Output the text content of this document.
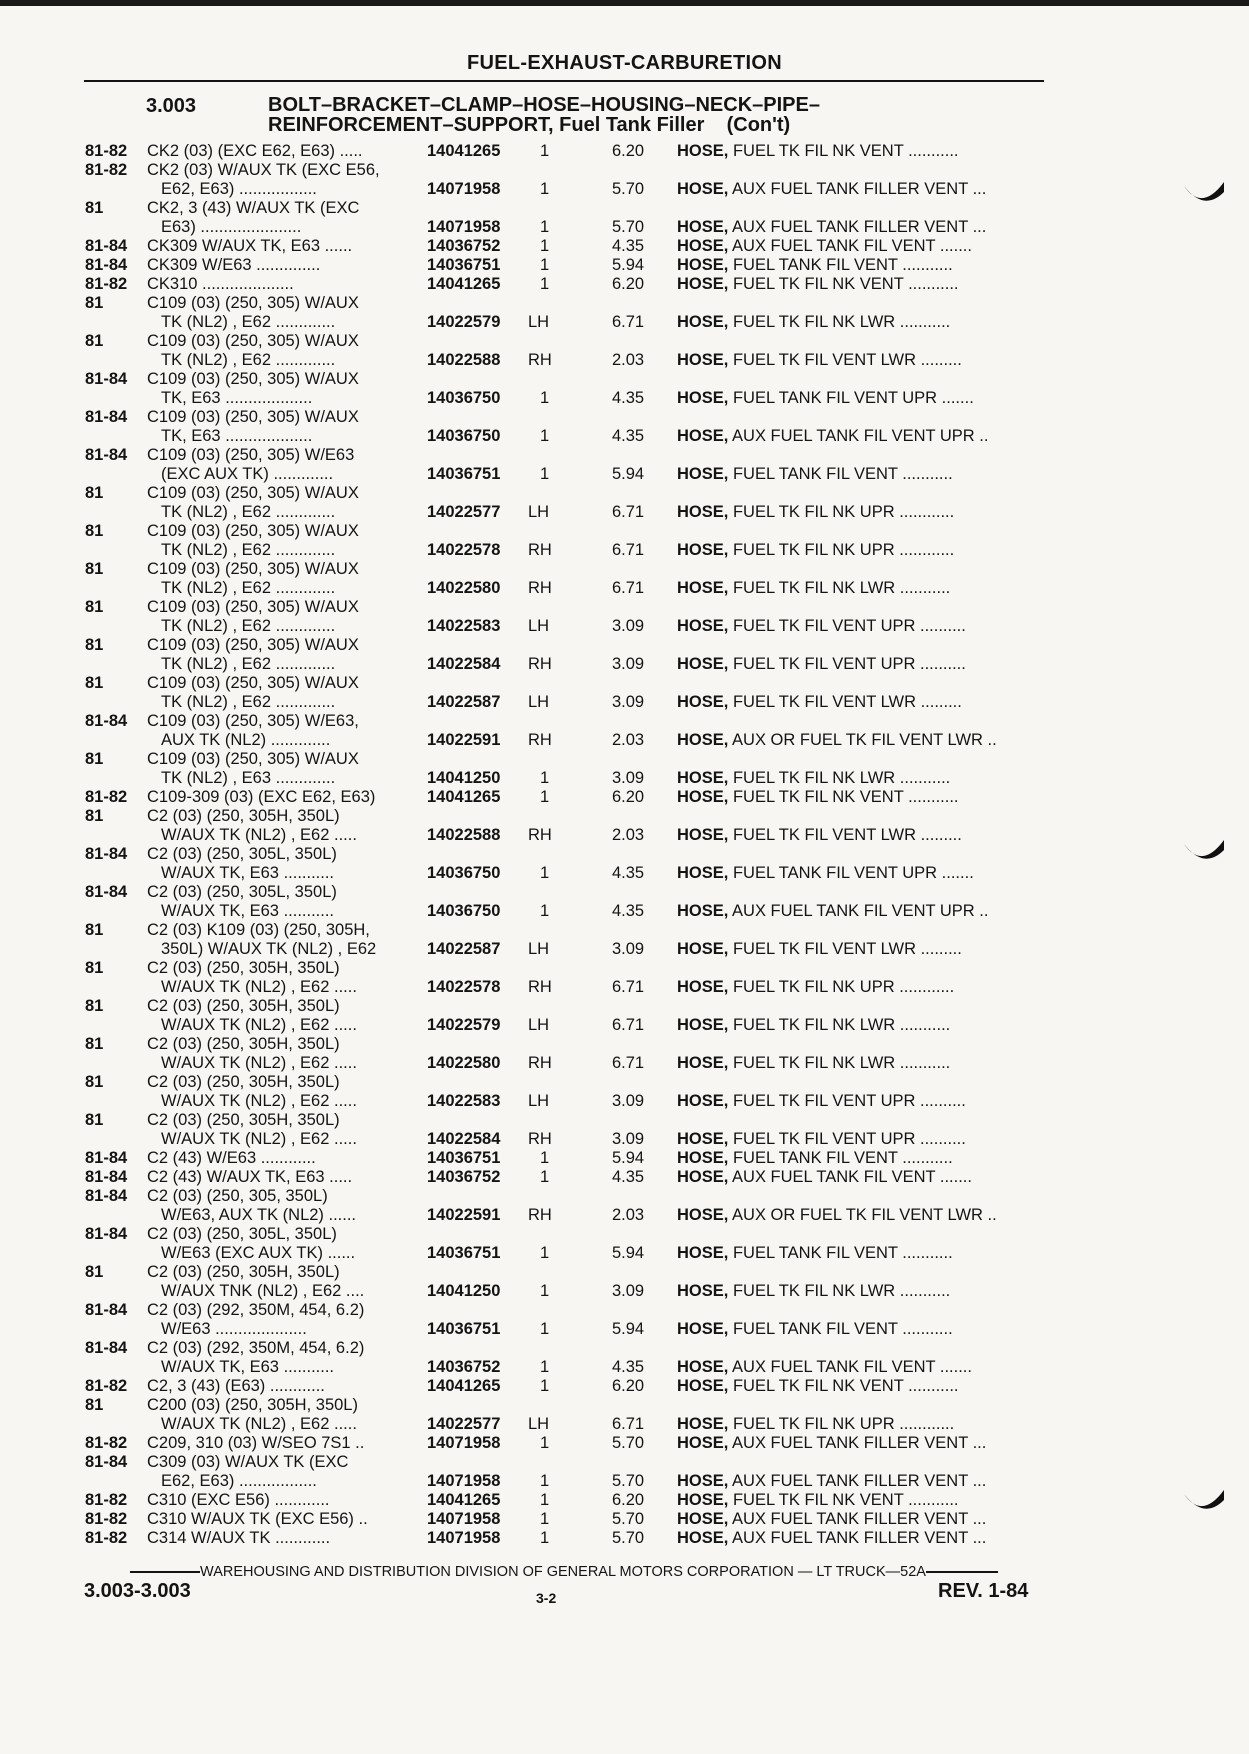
FUEL-EXHAUST-CARBURETION
3.003	BOLT–BRACKET–CLAMP–HOSE–HOUSING–NECK–PIPE–
REINFORCEMENT–SUPPORT, Fuel Tank Filler    (Con't)
81-82 CK2 (03) (EXC E62, E63) .....	14041265 1	6.20 HOSE, FUEL TK FIL NK VENT ...........
81-82 CK2 (03) W/AUX TK (EXC E56,
E62, E63) .................	14071958 1	5.70 HOSE, AUX FUEL TANK FILLER VENT ...
81	CK2, 3 (43) W/AUX TK (EXC
E63) ......................	14071958 1	5.70 HOSE, AUX FUEL TANK FILLER VENT ...
81-84 CK309 W/AUX TK, E63 ......	14036752 1	4.35 HOSE, AUX FUEL TANK FIL VENT .......
81-84 CK309 W/E63 ..............	14036751 1	5.94 HOSE, FUEL TANK FIL VENT ...........
81-82 CK310 ....................	14041265 1	6.20 HOSE, FUEL TK FIL NK VENT ...........
81	C109 (03) (250, 305) W/AUX
TK (NL2) , E62 .............	14022579 LH	6.71 HOSE, FUEL TK FIL NK LWR ...........
81	C109 (03) (250, 305) W/AUX
TK (NL2) , E62 .............	14022588 RH	2.03 HOSE, FUEL TK FIL VENT LWR .........
81-84 C109 (03) (250, 305) W/AUX
TK, E63 ...................	14036750 1	4.35 HOSE, FUEL TANK FIL VENT UPR .......
81-84 C109 (03) (250, 305) W/AUX
TK, E63 ...................	14036750 1	4.35 HOSE, AUX FUEL TANK FIL VENT UPR ..
81-84 C109 (03) (250, 305) W/E63
(EXC AUX TK) .............	14036751 1	5.94 HOSE, FUEL TANK FIL VENT ...........
81	C109 (03) (250, 305) W/AUX
TK (NL2) , E62 .............	14022577 LH	6.71 HOSE, FUEL TK FIL NK UPR ............
81	C109 (03) (250, 305) W/AUX
TK (NL2) , E62 .............	14022578 RH	6.71 HOSE, FUEL TK FIL NK UPR ............
81	C109 (03) (250, 305) W/AUX
TK (NL2) , E62 .............	14022580 RH	6.71 HOSE, FUEL TK FIL NK LWR ...........
81	C109 (03) (250, 305) W/AUX
TK (NL2) , E62 .............	14022583 LH	3.09 HOSE, FUEL TK FIL VENT UPR ..........
81	C109 (03) (250, 305) W/AUX
TK (NL2) , E62 .............	14022584 RH	3.09 HOSE, FUEL TK FIL VENT UPR ..........
81	C109 (03) (250, 305) W/AUX
TK (NL2) , E62 .............	14022587 LH	3.09 HOSE, FUEL TK FIL VENT LWR .........
81-84 C109 (03) (250, 305) W/E63,
AUX TK (NL2) .............	14022591 RH	2.03 HOSE, AUX OR FUEL TK FIL VENT LWR ..
81	C109 (03) (250, 305) W/AUX
TK (NL2) , E63 .............	14041250 1	3.09 HOSE, FUEL TK FIL NK LWR ...........
81-82 C109-309 (03) (EXC E62, E63)	14041265 1	6.20 HOSE, FUEL TK FIL NK VENT ...........
81	C2 (03) (250, 305H, 350L)
W/AUX TK (NL2) , E62 .....	14022588 RH	2.03 HOSE, FUEL TK FIL VENT LWR .........
81-84 C2 (03) (250, 305L, 350L)
W/AUX TK, E63 ...........	14036750 1	4.35 HOSE, FUEL TANK FIL VENT UPR .......
81-84 C2 (03) (250, 305L, 350L)
W/AUX TK, E63 ...........	14036750 1	4.35 HOSE, AUX FUEL TANK FIL VENT UPR ..
81	C2 (03) K109 (03) (250, 305H,
350L) W/AUX TK (NL2) , E62	14022587 LH	3.09 HOSE, FUEL TK FIL VENT LWR .........
81	C2 (03) (250, 305H, 350L)
W/AUX TK (NL2) , E62 .....	14022578 RH	6.71 HOSE, FUEL TK FIL NK UPR ............
81	C2 (03) (250, 305H, 350L)
W/AUX TK (NL2) , E62 .....	14022579 LH	6.71 HOSE, FUEL TK FIL NK LWR ...........
81	C2 (03) (250, 305H, 350L)
W/AUX TK (NL2) , E62 .....	14022580 RH	6.71 HOSE, FUEL TK FIL NK LWR ...........
81	C2 (03) (250, 305H, 350L)
W/AUX TK (NL2) , E62 .....	14022583 LH	3.09 HOSE, FUEL TK FIL VENT UPR ..........
81	C2 (03) (250, 305H, 350L)
W/AUX TK (NL2) , E62 .....	14022584 RH	3.09 HOSE, FUEL TK FIL VENT UPR ..........
81-84 C2 (43) W/E63 ............	14036751 1	5.94 HOSE, FUEL TANK FIL VENT ...........
81-84 C2 (43) W/AUX TK, E63 .....	14036752 1	4.35 HOSE, AUX FUEL TANK FIL VENT .......
81-84 C2 (03) (250, 305, 350L)
W/E63, AUX TK (NL2) ......	14022591 RH	2.03 HOSE, AUX OR FUEL TK FIL VENT LWR ..
81-84 C2 (03) (250, 305L, 350L)
W/E63 (EXC AUX TK) ......	14036751 1	5.94 HOSE, FUEL TANK FIL VENT ...........
81	C2 (03) (250, 305H, 350L)
W/AUX TNK (NL2) , E62 ....	14041250 1	3.09 HOSE, FUEL TK FIL NK LWR ...........
81-84 C2 (03) (292, 350M, 454, 6.2)
W/E63 ....................	14036751 1	5.94 HOSE, FUEL TANK FIL VENT ...........
81-84 C2 (03) (292, 350M, 454, 6.2)
W/AUX TK, E63 ...........	14036752 1	4.35 HOSE, AUX FUEL TANK FIL VENT .......
81-82 C2, 3 (43) (E63) ............	14041265 1	6.20 HOSE, FUEL TK FIL NK VENT ...........
81	C200 (03) (250, 305H, 350L)
W/AUX TK (NL2) , E62 .....	14022577 LH	6.71 HOSE, FUEL TK FIL NK UPR ............
81-82 C209, 310 (03) W/SEO 7S1 ..	14071958 1	5.70 HOSE, AUX FUEL TANK FILLER VENT ...
81-84 C309 (03) W/AUX TK (EXC
E62, E63) .................	14071958 1	5.70 HOSE, AUX FUEL TANK FILLER VENT ...
81-82 C310 (EXC E56) ............	14041265 1	6.20 HOSE, FUEL TK FIL NK VENT ...........
81-82 C310 W/AUX TK (EXC E56) ..	14071958 1	5.70 HOSE, AUX FUEL TANK FILLER VENT ...
81-82 C314 W/AUX TK ............	14071958 1	5.70 HOSE, AUX FUEL TANK FILLER VENT ...
WAREHOUSING AND DISTRIBUTION DIVISION OF GENERAL MOTORS CORPORATION — LT TRUCK—52A
3.003-3.003	3-2	REV. 1-84
